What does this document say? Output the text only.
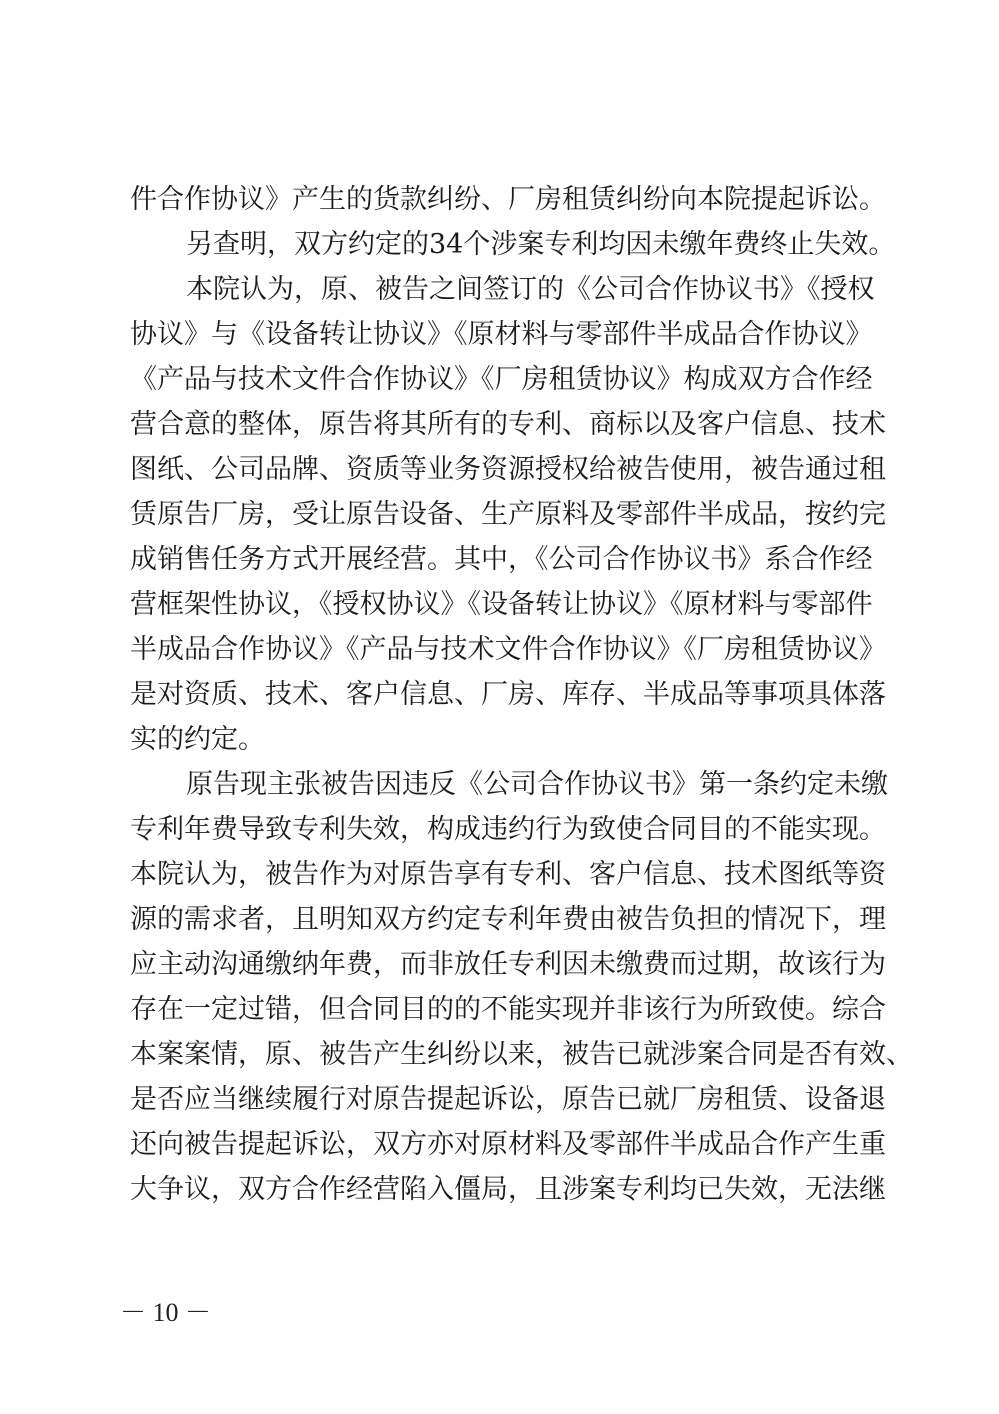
件合作协议》产生的货款纠纷、厂房租赁纠纷向本院提起诉讼。
另查明，双方约定的34个涉案专利均因未缴年费终止失效。
本院认为，原、被告之间签订的《公司合作协议书》《授权
协议》与《设备转让协议》《原材料与零部件半成品合作协议》
《产品与技术文件合作协议》《厂房租赁协议》构成双方合作经
营合意的整体，原告将其所有的专利、商标以及客户信息、技术
图纸、公司品牌、资质等业务资源授权给被告使用，被告通过租
赁原告厂房，受让原告设备、生产原料及零部件半成品，按约完
成销售任务方式开展经营。其中，《公司合作协议书》系合作经
营框架性协议，《授权协议》《设备转让协议》《原材料与零部件
半成品合作协议》《产品与技术文件合作协议》《厂房租赁协议》
是对资质、技术、客户信息、厂房、库存、半成品等事项具体落
实的约定。
原告现主张被告因违反《公司合作协议书》第一条约定未缴
专利年费导致专利失效，构成违约行为致使合同目的不能实现。
本院认为，被告作为对原告享有专利、客户信息、技术图纸等资
源的需求者，且明知双方约定专利年费由被告负担的情况下，理
应主动沟通缴纳年费，而非放任专利因未缴费而过期，故该行为
存在一定过错，但合同目的的不能实现并非该行为所致使。综合
本案案情，原、被告产生纠纷以来，被告已就涉案合同是否有效、
是否应当继续履行对原告提起诉讼，原告已就厂房租赁、设备退
还向被告提起诉讼，双方亦对原材料及零部件半成品合作产生重
大争议，双方合作经营陷入僵局，且涉案专利均已失效，无法继
－ 10 －
